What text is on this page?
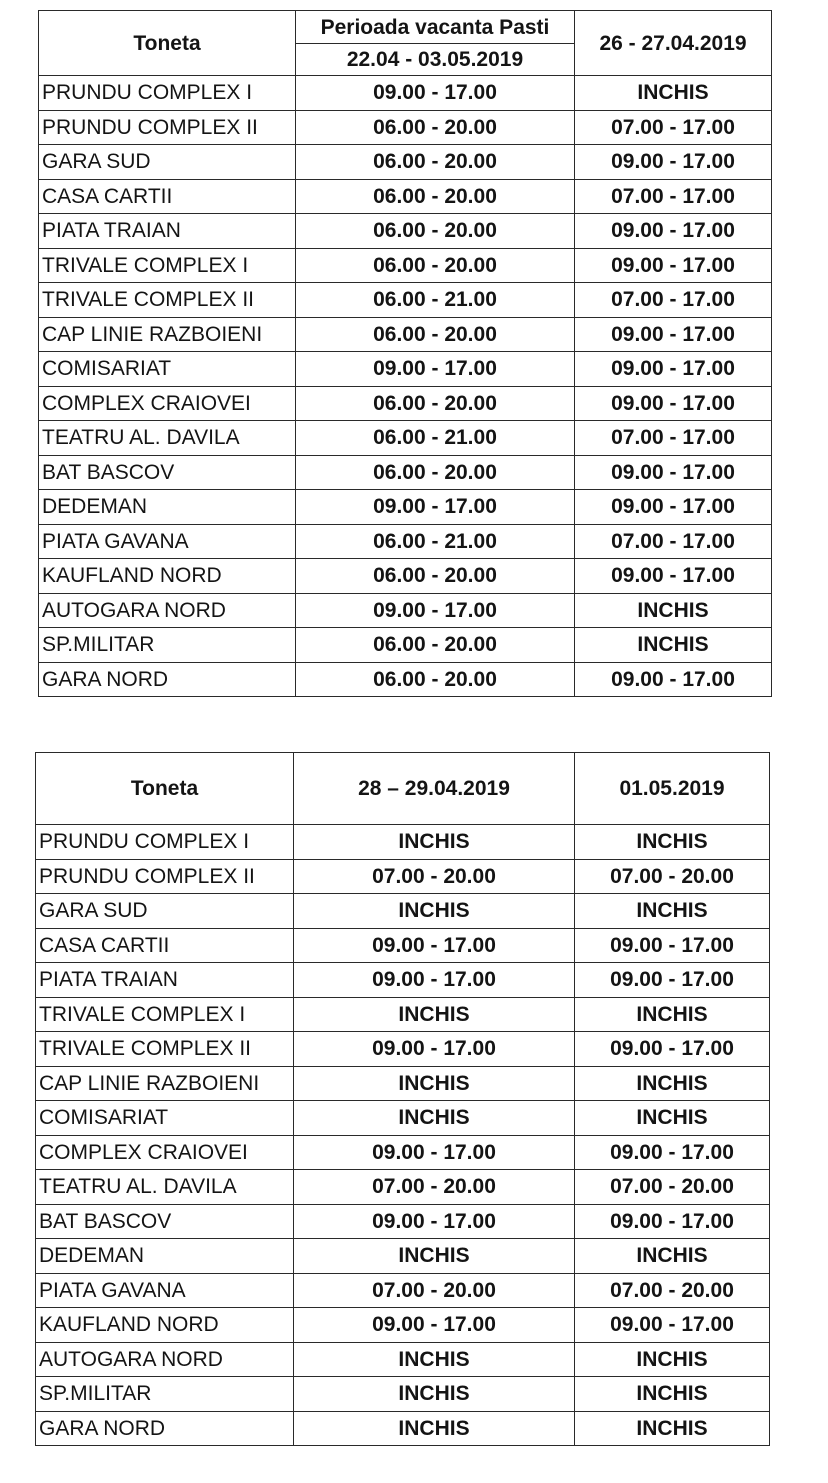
Toneta	Perioada vacanta Pasti	26 - 27.04.2019
	22.04 - 03.05.2019	
PRUNDU COMPLEX I	09.00 - 17.00	INCHIS
PRUNDU COMPLEX II	06.00 - 20.00	07.00 - 17.00
GARA SUD	06.00 - 20.00	09.00 - 17.00
CASA CARTII	06.00 - 20.00	07.00 - 17.00
PIATA TRAIAN	06.00 - 20.00	09.00 - 17.00
TRIVALE COMPLEX I	06.00 - 20.00	09.00 - 17.00
TRIVALE COMPLEX II	06.00 - 21.00	07.00 - 17.00
CAP LINIE RAZBOIENI	06.00 - 20.00	09.00 - 17.00
COMISARIAT	09.00 - 17.00	09.00 - 17.00
COMPLEX CRAIOVEI	06.00 - 20.00	09.00 - 17.00
TEATRU AL. DAVILA	06.00 - 21.00	07.00 - 17.00
BAT BASCOV	06.00 - 20.00	09.00 - 17.00
DEDEMAN	09.00 - 17.00	09.00 - 17.00
PIATA GAVANA	06.00 - 21.00	07.00 - 17.00
KAUFLAND NORD	06.00 - 20.00	09.00 - 17.00
AUTOGARA NORD	09.00 - 17.00	INCHIS
SP.MILITAR	06.00 - 20.00	INCHIS
GARA NORD	06.00 - 20.00	09.00 - 17.00
Toneta	28 – 29.04.2019	01.05.2019
PRUNDU COMPLEX I	INCHIS	INCHIS
PRUNDU COMPLEX II	07.00 - 20.00	07.00 - 20.00
GARA SUD	INCHIS	INCHIS
CASA CARTII	09.00 - 17.00	09.00 - 17.00
PIATA TRAIAN	09.00 - 17.00	09.00 - 17.00
TRIVALE COMPLEX I	INCHIS	INCHIS
TRIVALE COMPLEX II	09.00 - 17.00	09.00 - 17.00
CAP LINIE RAZBOIENI	INCHIS	INCHIS
COMISARIAT	INCHIS	INCHIS
COMPLEX CRAIOVEI	09.00 - 17.00	09.00 - 17.00
TEATRU AL. DAVILA	07.00 - 20.00	07.00 - 20.00
BAT BASCOV	09.00 - 17.00	09.00 - 17.00
DEDEMAN	INCHIS	INCHIS
PIATA GAVANA	07.00 - 20.00	07.00 - 20.00
KAUFLAND NORD	09.00 - 17.00	09.00 - 17.00
AUTOGARA NORD	INCHIS	INCHIS
SP.MILITAR	INCHIS	INCHIS
GARA NORD	INCHIS	INCHIS
